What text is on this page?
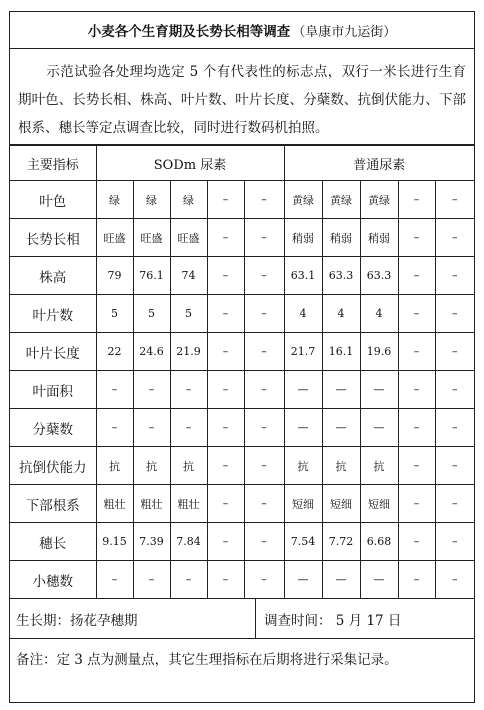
小麦各个生育期及长势长相等调查 （阜康市九运街）
示范试验各处理均选定 5 个有代表性的标志点，双行一米长进行生育期叶色、长势长相、株高、叶片数、叶片长度、分蘖数、抗倒伏能力、下部根系、穗长等定点调查比较，同时进行数码机拍照。
主要指标	SODm 尿素					普通尿素				
叶色	绿	绿	绿	–	–	黄绿	黄绿	黄绿	–	–
长势长相	旺盛	旺盛	旺盛	–	–	稍弱	稍弱	稍弱	–	–
株高	79	76.1	74	–	–	63.1	63.3	63.3	–	–
叶片数	5	5	5	–	–	4	4	4	–	–
叶片长度	22	24.6	21.9	–	–	21.7	16.1	19.6	–	–
叶面积	–	–	–	–	–	—	—	—	–	–
分蘖数	–	–	–	–	–	—	—	—	–	–
抗倒伏能力	抗	抗	抗	–	–	抗	抗	抗	–	–
下部根系	粗壮	粗壮	粗壮	–	–	短细	短细	短细	–	–
穗长	9.15	7.39	7.84	–	–	7.54	7.72	6.68	–	–
小穗数	–	–	–	–	–	—	—	—	–	–
生长期：扬花孕穗期	调查时间： 5 月 17 日
备注：定 3 点为测量点，其它生理指标在后期将进行采集记录。
